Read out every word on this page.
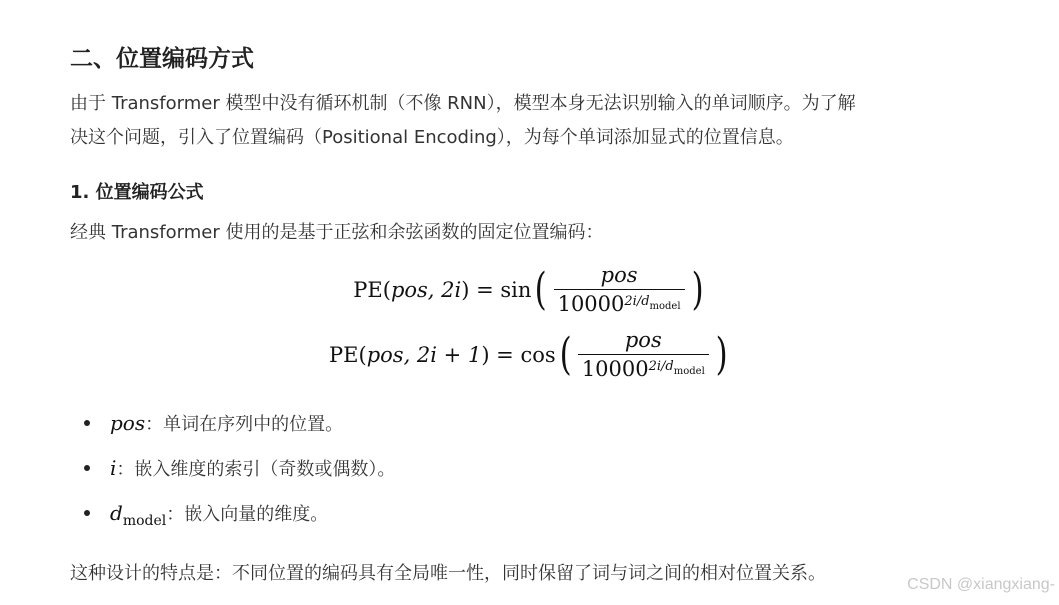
二、位置编码方式

由于 Transformer 模型中没有循环机制（不像 RNN），模型本身无法识别输入的单词顺序。为了解
决这个问题，引入了位置编码（Positional Encoding），为每个单词添加显式的位置信息。

1. 位置编码公式

经典 Transformer 使用的是基于正弦和余弦函数的固定位置编码：

PE(pos, 2i) = sin ( $\frac{\text{pos}}{10000^{2i/d_{model}}}$ )
PE(pos, 2i + 1) = cos ( $\frac{\text{pos}}{10000^{2i/d_{model}}}$ )
pos：单词在序列中的位置。
i：嵌入维度的索引（奇数或偶数）。
$d_{model}$：嵌入向量的维度。

这种设计的特点是：不同位置的编码具有全局唯一性，同时保留了词与词之间的相对位置关系。

CSDN @xiangxiang-
